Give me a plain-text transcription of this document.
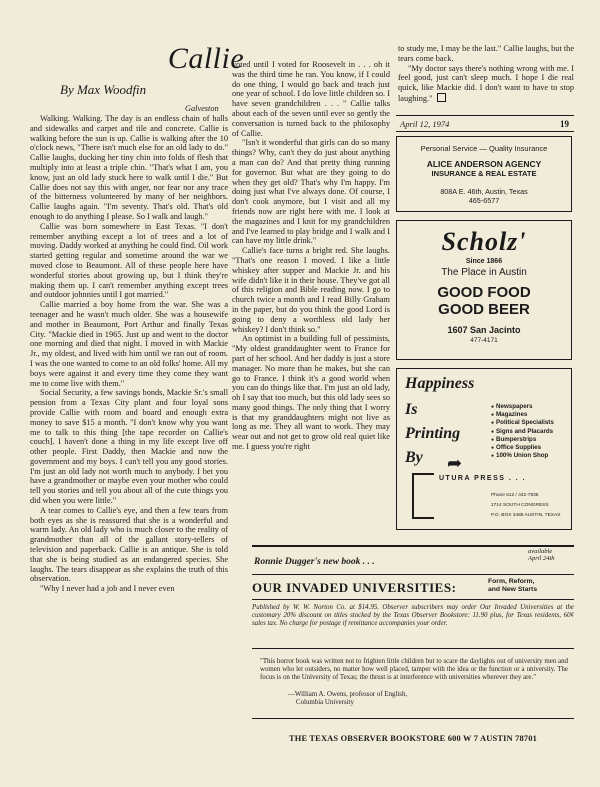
Callie
By Max Woodfin
Galveston

Walking. Walking. The day is an endless chain of halls and sidewalks and carpet and tile and concrete. Callie is walking before the sun is up. Callie is walking after the 10 o'clock news, "There isn't much else for an old lady to do." Callie laughs, ducking her tiny chin into folds of flesh that multiply into at least a triple chin. "That's what I am, you know, just an old lady stuck here to walk until I die." But Callie does not say this with anger, nor fear nor any trace of the bitterness volunteered by many of her neighbors. Callie laughs again. "I'm seventy. That's old. That's old enough to do anything I please. So I walk and laugh."

Callie was born somewhere in East Texas. "I don't remember anything except a lot of trees and a lot of moving. Daddy worked at anything he could find. Oil work started getting regular and sometime around the war we moved close to Beaumont. All of these people here have wonderful stories about growing up, but I think they're making them up. I can't remember anything except trees and outdoor johnnies until I got married."

Callie married a boy home from the war. She was a teenager and he wasn't much older. She was a housewife and mother in Beaumont, Port Arthur and finally Texas City. "Mackie died in 1965. Just up and went to the doctor one morning and died that night. I moved in with Mackie Jr., my oldest, and lived with him until we ran out of room. I was the one wanted to come to an old folks' home. All my boys were against it and every time they come they want me to come live with them."

Social Security, a few savings bonds, Mackie Sr.'s small pension from a Texas City plant and four loyal sons provide Callie with room and board and enough extra money to save $15 a month. "I don't know why you want me to talk to this thing [the tape recorder on Callie's couch]. I haven't done a thing in my life except live off other people. First Daddy, then Mackie and now the government and my boys. I can't tell you any good stories. I'm just an old lady not worth much to anybody. I bet you have a grandmother or maybe even your mother who could tell you stories and tell you about all of the cute things you did when you were little."

A tear comes to Callie's eye, and then a few tears from both eyes as she is reassured that she is a wonderful and warm lady. An old lady who is much closer to the reality of grandmother than all of the gallant story-tellers of television and paperback. Callie is an antique. She is told that she is being studied as an endangered species. She laughs. The tears disappear as she explains the truth of this observation.

"Why I never had a job and I never even

voted until I voted for Roosevelt in . . . oh it was the third time he ran. You know, if I could do one thing, I would go back and teach just one year of school. I do love little children so. I have seven grandchildren . . . " Callie talks about each of the seven until ever so gently the conversation is turned back to the philosophy of Callie.

"Isn't it wonderful that girls can do so many things? Why, can't they do just about anything a man can do? And that pretty thing running for governor. But what are they going to do when they get old? That's why I'm happy. I'm doing just what I've always done. Of course, I don't cook anymore, but I visit and all my friends now are right here with me. I look at the magazines and I knit for my grandchildren and I've learned to play bridge and I walk and I can have my little drink."

Callie's face turns a bright red. She laughs. "That's one reason I moved. I like a little whiskey after supper and Mackie Jr. and his wife didn't like it in their house. They've got all of this religion and Bible reading now. I go to church twice a month and I read Billy Graham in the paper, but do you think the good Lord is going to deny a worthless old lady her whiskey? I don't think so."

An optimist in a building full of pessimists, "My oldest granddaughter went to France for part of her school. And her daddy is just a store manager. No more than he makes, but she can go to France. I think it's a good world when you can do things like that. I'm just an old lady, oh I say that too much, but this old lady sees so many good things. The only thing that I worry is that my granddaughters might not live as long as me. They all want to work. They may wear out and not get to grow old real quiet like me. I guess you're right

to study me, I may be the last." Callie laughs, but the tears come back.

"My doctor says there's nothing wrong with me. I feel good, just can't sleep much. I hope I die real quick, like Mackie did. I don't want to have to stop laughing."

April 12, 1974	19
Personal Service — Quality Insurance
ALICE ANDERSON AGENCY
INSURANCE & REAL ESTATE
808A E. 46th, Austin, Texas
465-6577
Scholz'
Since 1866
The Place in Austin
GOOD FOOD
GOOD BEER
1607 San Jacinto
477-4171
Happiness
Is
Printing
By ➦
● Newspapers
● Magazines
● Political Specialists
● Signs and Placards
● Bumperstrips
● Office Supplies
● 100% Union Shop
UTURA PRESS . . .
Phone 512 / 442-7836
1714 SOUTH CONGRESS
P.O. BOX 3485 AUSTIN, TEXAS
available
April 24th
Ronnie Dugger's new book . . .
OUR INVADED UNIVERSITIES:	Form, Reform,
and New Starts
Published by W. W. Norton Co. at $14.95. Observer subscribers may order Our Invaded Universities at the customary 20% discount on titles stocked by the Texas Observer Bookstore: 11.90 plus, for Texas residents, 60¢ sales tax. No charge for postage if remittance accompanies your order.
"This horror book was written not to frighten little children but to scare the daylights out of university men and women who let outsiders, no matter how well placed, tamper with the idea or the function or a university. The focus is on the University of Texas; the thrust is at interference with universities wherever they are."
—William A. Owens, professor of English,
Columbia University
THE TEXAS OBSERVER BOOKSTORE 600 W 7 AUSTIN 78701
